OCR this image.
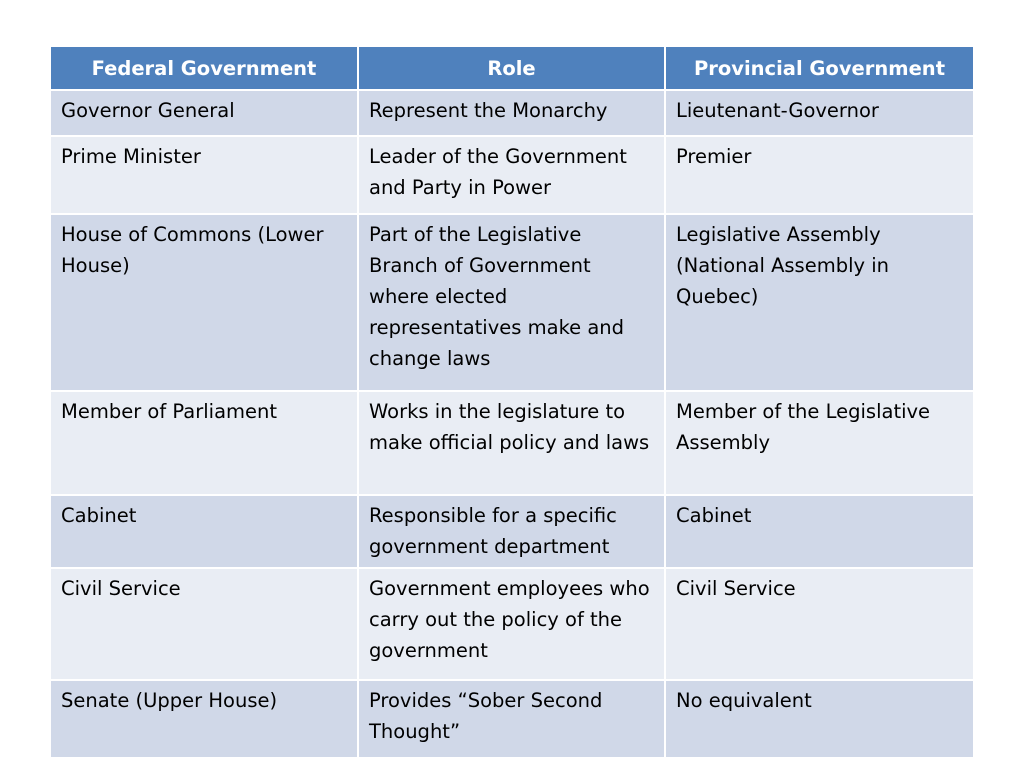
Federal Government	Role	Provincial Government
Governor General	Represent the Monarchy	Lieutenant-Governor
Prime Minister	Leader of the Government and Party in Power	Premier
House of Commons (Lower House)	Part of the Legislative Branch of Government where elected representatives make and change laws	Legislative Assembly (National Assembly in Quebec)
Member of Parliament	Works in the legislature to make official policy and laws	Member of the Legislative Assembly
Cabinet	Responsible for a specific government department	Cabinet
Civil Service	Government employees who carry out the policy of the government	Civil Service
Senate (Upper House)	Provides “Sober Second Thought”	No equivalent
